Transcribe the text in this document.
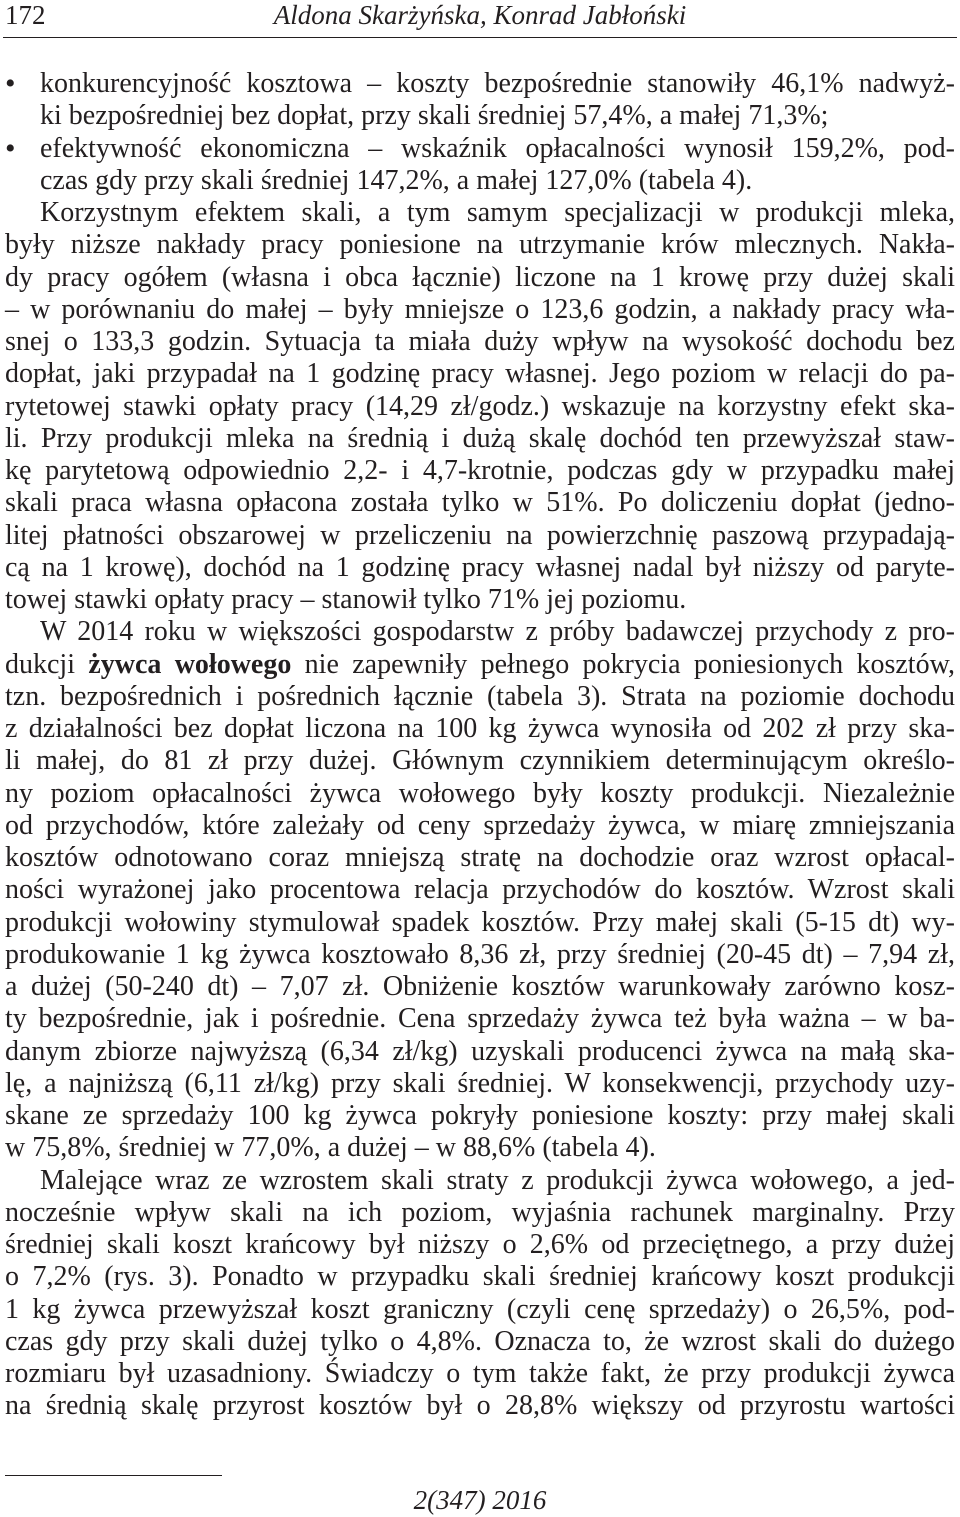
172	Aldona Skarżyńska, Konrad Jabłoński
• konkurencyjność kosztowa – koszty bezpośrednie stanowiły 46,1% nadwyż-
ki bezpośredniej bez dopłat, przy skali średniej 57,4%, a małej 71,3%;
• efektywność ekonomiczna – wskaźnik opłacalności wynosił 159,2%, pod-
czas gdy przy skali średniej 147,2%, a małej 127,0% (tabela 4).
Korzystnym efektem skali, a tym samym specjalizacji w produkcji mleka,
były niższe nakłady pracy poniesione na utrzymanie krów mlecznych. Nakła-
dy pracy ogółem (własna i obca łącznie) liczone na 1 krowę przy dużej skali
– w porównaniu do małej – były mniejsze o 123,6 godzin, a nakłady pracy wła-
snej o 133,3 godzin. Sytuacja ta miała duży wpływ na wysokość dochodu bez
dopłat, jaki przypadał na 1 godzinę pracy własnej. Jego poziom w relacji do pa-
rytetowej stawki opłaty pracy (14,29 zł/godz.) wskazuje na korzystny efekt ska-
li. Przy produkcji mleka na średnią i dużą skalę dochód ten przewyższał staw-
kę parytetową odpowiednio 2,2- i 4,7-krotnie, podczas gdy w przypadku małej
skali praca własna opłacona została tylko w 51%. Po doliczeniu dopłat (jedno-
litej płatności obszarowej w przeliczeniu na powierzchnię paszową przypadają-
cą na 1 krowę), dochód na 1 godzinę pracy własnej nadal był niższy od paryte-
towej stawki opłaty pracy – stanowił tylko 71% jej poziomu.
W 2014 roku w większości gospodarstw z próby badawczej przychody z pro-
dukcji żywca wołowego nie zapewniły pełnego pokrycia poniesionych kosztów,
tzn. bezpośrednich i pośrednich łącznie (tabela 3). Strata na poziomie dochodu
z działalności bez dopłat liczona na 100 kg żywca wynosiła od 202 zł przy ska-
li małej, do 81 zł przy dużej. Głównym czynnikiem determinującym określo-
ny poziom opłacalności żywca wołowego były koszty produkcji. Niezależnie
od przychodów, które zależały od ceny sprzedaży żywca, w miarę zmniejszania
kosztów odnotowano coraz mniejszą stratę na dochodzie oraz wzrost opłacal-
ności wyrażonej jako procentowa relacja przychodów do kosztów. Wzrost skali
produkcji wołowiny stymulował spadek kosztów. Przy małej skali (5-15 dt) wy-
produkowanie 1 kg żywca kosztowało 8,36 zł, przy średniej (20-45 dt) – 7,94 zł,
a dużej (50-240 dt) – 7,07 zł. Obniżenie kosztów warunkowały zarówno kosz-
ty bezpośrednie, jak i pośrednie. Cena sprzedaży żywca też była ważna – w ba-
danym zbiorze najwyższą (6,34 zł/kg) uzyskali producenci żywca na małą ska-
lę, a najniższą (6,11 zł/kg) przy skali średniej. W konsekwencji, przychody uzy-
skane ze sprzedaży 100 kg żywca pokryły poniesione koszty: przy małej skali
w 75,8%, średniej w 77,0%, a dużej – w 88,6% (tabela 4).
Malejące wraz ze wzrostem skali straty z produkcji żywca wołowego, a jed-
nocześnie wpływ skali na ich poziom, wyjaśnia rachunek marginalny. Przy
średniej skali koszt krańcowy był niższy o 2,6% od przeciętnego, a przy dużej
o 7,2% (rys. 3). Ponadto w przypadku skali średniej krańcowy koszt produkcji
1 kg żywca przewyższał koszt graniczny (czyli cenę sprzedaży) o 26,5%, pod-
czas gdy przy skali dużej tylko o 4,8%. Oznacza to, że wzrost skali do dużego
rozmiaru był uzasadniony. Świadczy o tym także fakt, że przy produkcji żywca
na średnią skalę przyrost kosztów był o 28,8% większy od przyrostu wartości
2(347) 2016
